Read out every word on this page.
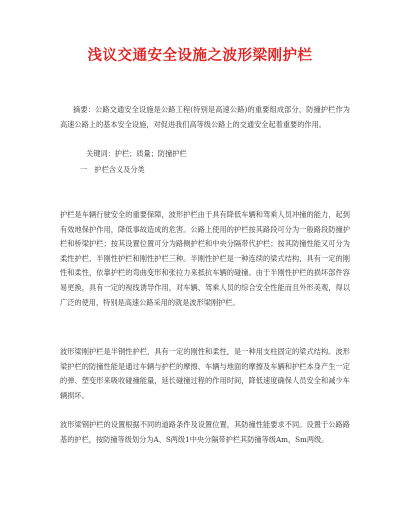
浅议交通安全设施之波形梁刚护栏

摘要：公路交通安全设施是公路工程(特别是高速公路)的重要组成部分，防撞护栏作为高速公路上的基本安全设施，对促进我们高等级公路上的交通安全起着重要的作用。

关键词：护栏；质量；防撞护栏

一　护栏含义及分类

护栏是车辆行驶安全的重要保障，波形护栏由于具有降低车辆和驾乘人员冲撞的能力，起到有效地保护作用，降低事故造成的危害。公路上使用的护栏按其路段可分为一般路段防撞护栏和桥梁护栏；按其设置位置可分为路侧护栏和中央分隔带代护栏；按其防撞性能又可分为柔性护栏、半刚性护栏和刚性护栏三种。半刚性护栏是一种连续的梁式结构，具有一定的刚性和柔性，依靠护栏的弯曲变形和张拉力来抵抗车辆的碰撞。由于半刚性护栏的损坏部件容易更换，具有一定的视线诱导作用，对车辆、驾乘人员的综合安全性能而且外形美观，得以广泛的使用，特别是高速公路采用的就是波形梁刚护栏。

波形梁刚护栏是半钢性护栏，具有一定的刚性和柔性，是一种用支柱固定的梁式结构。波形梁护栏的防撞性能是通过车辆与护栏的摩擦、车辆与地面的摩擦及车辆和护栏本身产生一定的弹、塑变形来吸收碰撞能量，延长碰撞过程的作用时间，降低速度确保人员安全和减少车辆损坏。

波形梁钢护栏的设置根据不同的道路条件及设置位置，其防撞性能要求不同。设置于公路路基的护栏，按防撞等级划分为A、S两级1中央分隔带护栏其防撞等级Am，Sm两级。
